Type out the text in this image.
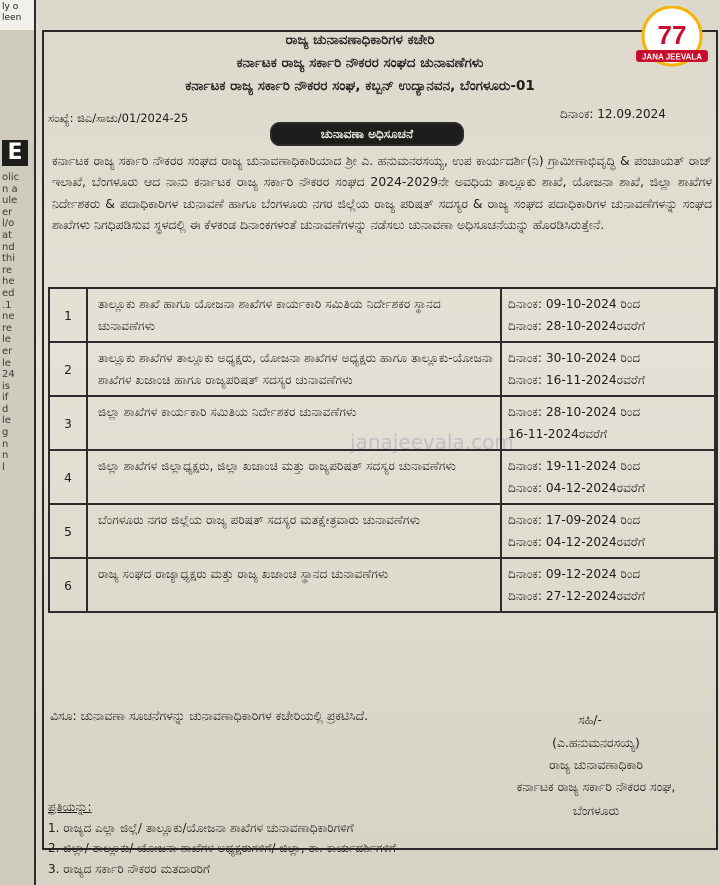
ly o
leen
E
olic
n a
ule
er
l/o
at
nd
thi
re
he
ed
.1
ne
re
le
er
le
24
is
if
d
le
g
n
n
l
ರಾಜ್ಯ ಚುನಾವಣಾಧಿಕಾರಿಗಳ ಕಚೇರಿ
ಕರ್ನಾಟಕ ರಾಜ್ಯ ಸರ್ಕಾರಿ ನೌಕರರ ಸಂಘದ ಚುನಾವಣೆಗಳು
ಕರ್ನಾಟಕ ರಾಜ್ಯ ಸರ್ಕಾರಿ ನೌಕರರ ಸಂಘ, ಕಬ್ಬನ್ ಉದ್ಯಾನವನ, ಬೆಂಗಳೂರು-01
ಸಂಖ್ಯೆ: ಜಿಎ/ಸಾಚು/01/2024-25	ದಿನಾಂಕ: 12.09.2024
ಚುನಾವಣಾ ಅಧಿಸೂಚನೆ
ಕರ್ನಾಟಕ ರಾಜ್ಯ ಸರ್ಕಾರಿ ನೌಕರರ ಸಂಘದ ರಾಜ್ಯ ಚುನಾವಣಾಧಿಕಾರಿಯಾದ ಶ್ರೀ ಎ. ಹನುಮನರಸಯ್ಯ, ಉಪ ಕಾರ್ಯದರ್ಶಿ(ನಿ) ಗ್ರಾಮೀಣಾಭಿವೃದ್ಧಿ & ಪಂಚಾಯತ್ ರಾಜ್ ಇಲಾಖೆ, ಬೆಂಗಳೂರು ಆದ ನಾನು ಕರ್ನಾಟಕ ರಾಜ್ಯ ಸರ್ಕಾರಿ ನೌಕರರ ಸಂಘದ 2024-2029ನೇ ಅವಧಿಯ ತಾಲ್ಲೂಕು ಶಾಖೆ, ಯೋಜನಾ ಶಾಖೆ, ಜಿಲ್ಲಾ ಶಾಖೆಗಳ ನಿರ್ದೇಶಕರು & ಪದಾಧಿಕಾರಿಗಳ ಚುನಾವಣೆ ಹಾಗೂ ಬೆಂಗಳೂರು ನಗರ ಜಿಲ್ಲೆಯ ರಾಜ್ಯ ಪರಿಷತ್ ಸದಸ್ಯರ & ರಾಜ್ಯ ಸಂಘದ ಪದಾಧಿಕಾರಿಗಳ ಚುನಾವಣೆಗಳನ್ನು ಸಂಘದ ಶಾಖೆಗಳು ನಿಗಧಿಪಡಿಸುವ ಸ್ಥಳದಲ್ಲಿ ಈ ಕೆಳಕಂಡ ದಿನಾಂಕಗಳಂತೆ ಚುನಾವಣೆಗಳನ್ನು ನಡೆಸಲು ಚುನಾವಣಾ ಅಧಿಸೂಚನೆಯನ್ನು ಹೊರಡಿಸಿರುತ್ತೇನೆ.
1	ತಾಲ್ಲೂಕು ಶಾಖೆ ಹಾಗೂ ಯೋಜನಾ ಶಾಖೆಗಳ ಕಾರ್ಯಕಾರಿ ಸಮಿತಿಯ ನಿರ್ದೇಶಕರ ಸ್ಥಾನದ ಚುನಾವಣೆಗಳು	ದಿನಾಂಕ: 09-10-2024 ರಿಂದ
ದಿನಾಂಕ: 28-10-2024ರವರೆಗೆ

2	ತಾಲ್ಲೂಕು ಶಾಖೆಗಳ ತಾಲ್ಲೂಕು ಅಧ್ಯಕ್ಷರು, ಯೋಜನಾ ಶಾಖೆಗಳ ಅಧ್ಯಕ್ಷರು ಹಾಗೂ ತಾಲ್ಲೂಕು-ಯೋಜನಾ ಶಾಖೆಗಳ ಖಜಾಂಚಿ ಹಾಗೂ ರಾಜ್ಯಪರಿಷತ್ ಸದಸ್ಯರ ಚುನಾವಣೆಗಳು	ದಿನಾಂಕ: 30-10-2024 ರಿಂದ
ದಿನಾಂಕ: 16-11-2024ರವರೆಗೆ

3	ಜಿಲ್ಲಾ ಶಾಖೆಗಳ ಕಾರ್ಯಕಾರಿ ಸಮಿತಿಯ ನಿರ್ದೇಶಕರ ಚುನಾವಣೆಗಳು	ದಿನಾಂಕ: 28-10-2024 ರಿಂದ
16-11-2024ರವರೆಗೆ

4	ಜಿಲ್ಲಾ ಶಾಖೆಗಳ ಜಿಲ್ಲಾಧ್ಯಕ್ಷರು, ಜಿಲ್ಲಾ ಖಜಾಂಚಿ ಮತ್ತು ರಾಜ್ಯಪರಿಷತ್ ಸದಸ್ಯರ ಚುನಾವಣೆಗಳು	ದಿನಾಂಕ: 19-11-2024 ರಿಂದ
ದಿನಾಂಕ: 04-12-2024ರವರೆಗೆ

5	ಬೆಂಗಳೂರು ನಗರ ಜಿಲ್ಲೆಯ ರಾಜ್ಯ ಪರಿಷತ್ ಸದಸ್ಯರ ಮತಕ್ಷೇತ್ರವಾರು ಚುನಾವಣೆಗಳು	ದಿನಾಂಕ: 17-09-2024 ರಿಂದ
ದಿನಾಂಕ: 04-12-2024ರವರೆಗೆ

6	ರಾಜ್ಯ ಸಂಘದ ರಾಜ್ಯಾಧ್ಯಕ್ಷರು ಮತ್ತು ರಾಜ್ಯ ಖಜಾಂಚಿ ಸ್ಥಾನದ ಚುನಾವಣೆಗಳು	ದಿನಾಂಕ: 09-12-2024 ರಿಂದ
ದಿನಾಂಕ: 27-12-2024ರವರೆಗೆ
janajeevala.com
ವಿಸೂ: ಚುನಾವಣಾ ಸೂಚನೆಗಳನ್ನು ಚುನಾವಣಾಧಿಕಾರಿಗಳ ಕಚೇರಿಯಲ್ಲಿ ಪ್ರಕಟಿಸಿದೆ.	ಸಹಿ/-
(ಎ.ಹನುಮನರಸಯ್ಯ)
ರಾಜ್ಯ ಚುನಾವಣಾಧಿಕಾರಿ
ಕರ್ನಾಟಕ ರಾಜ್ಯ ಸರ್ಕಾರಿ ನೌಕರರ ಸಂಘ,
ಬೆಂಗಳೂರು
ಪ್ರತಿಯನ್ನು:
1. ರಾಜ್ಯದ ಎಲ್ಲಾ ಜಿಲ್ಲೆ/ ತಾಲ್ಲೂಕು/ಯೋಜನಾ ಶಾಖೆಗಳ ಚುನಾವಣಾಧಿಕಾರಿಗಳಿಗೆ
2. ಜಿಲ್ಲಾ/ ತಾಲ್ಲೂಕು/ ಯೋಜನಾ ಶಾಖೆಗಳ ಅಧ್ಯಕ್ಷರುಗಳಿಗೆ/ ಜಿಲ್ಲಾ, ತಾ. ಕಾರ್ಯದರ್ಶಿಗಳಿಗೆ
3. ರಾಜ್ಯದ ಸರ್ಕಾರಿ ನೌಕರರ ಮತದಾರರಿಗೆ
77
JANA JEEVALA
